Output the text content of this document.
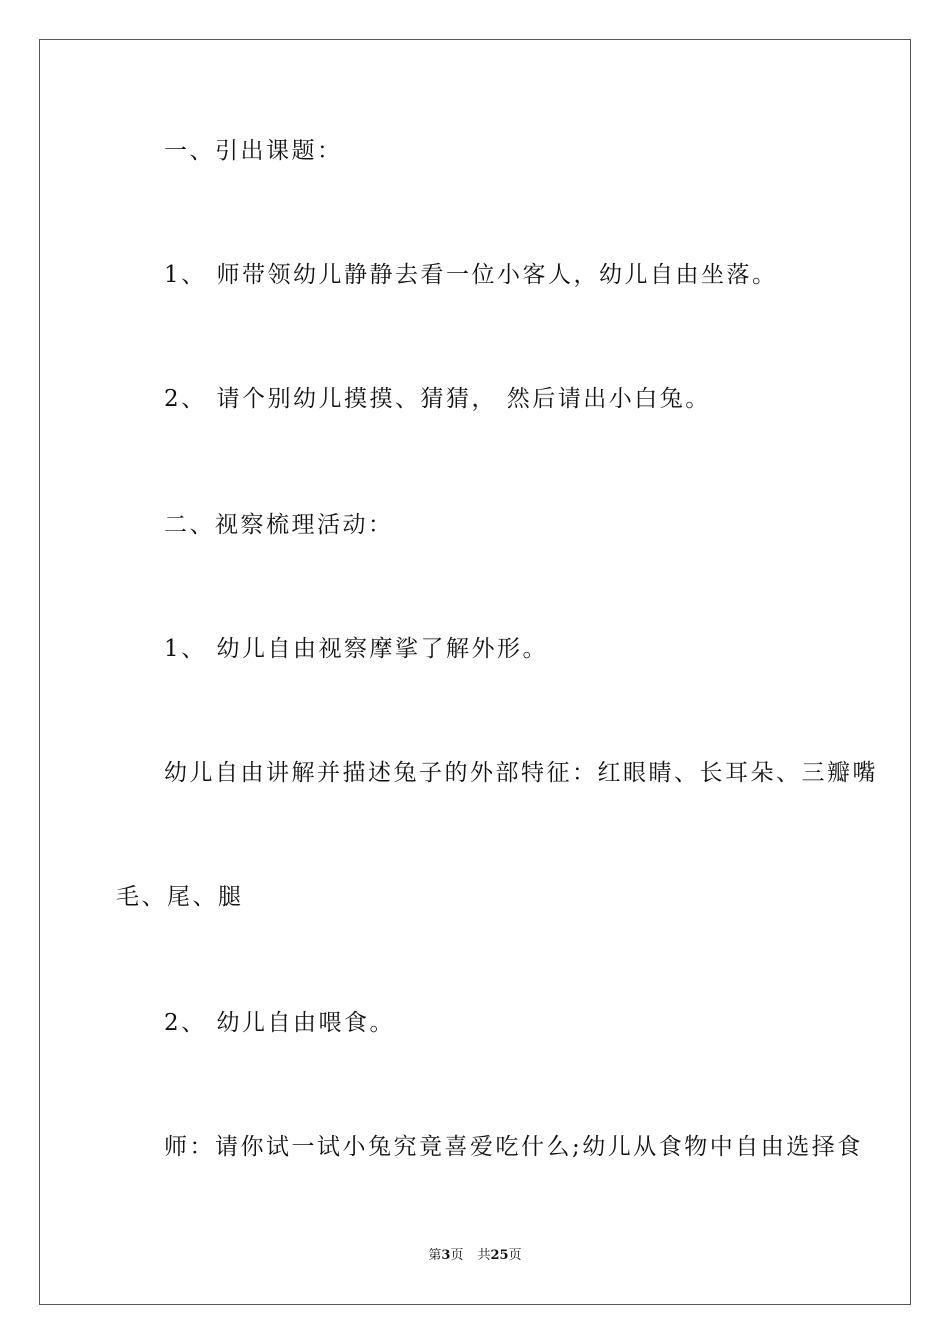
一、引出课题：
1、 师带领幼儿静静去看一位小客人，幼儿自由坐落。
2、 请个别幼儿摸摸、猜猜， 然后请出小白兔。
二、视察梳理活动：
1、 幼儿自由视察摩挲了解外形。
幼儿自由讲解并描述兔子的外部特征：红眼睛、长耳朵、三瓣嘴
毛、尾、腿
2、 幼儿自由喂食。
师：请你试一试小兔究竟喜爱吃什么;幼儿从食物中自由选择食
第3页 共25页
